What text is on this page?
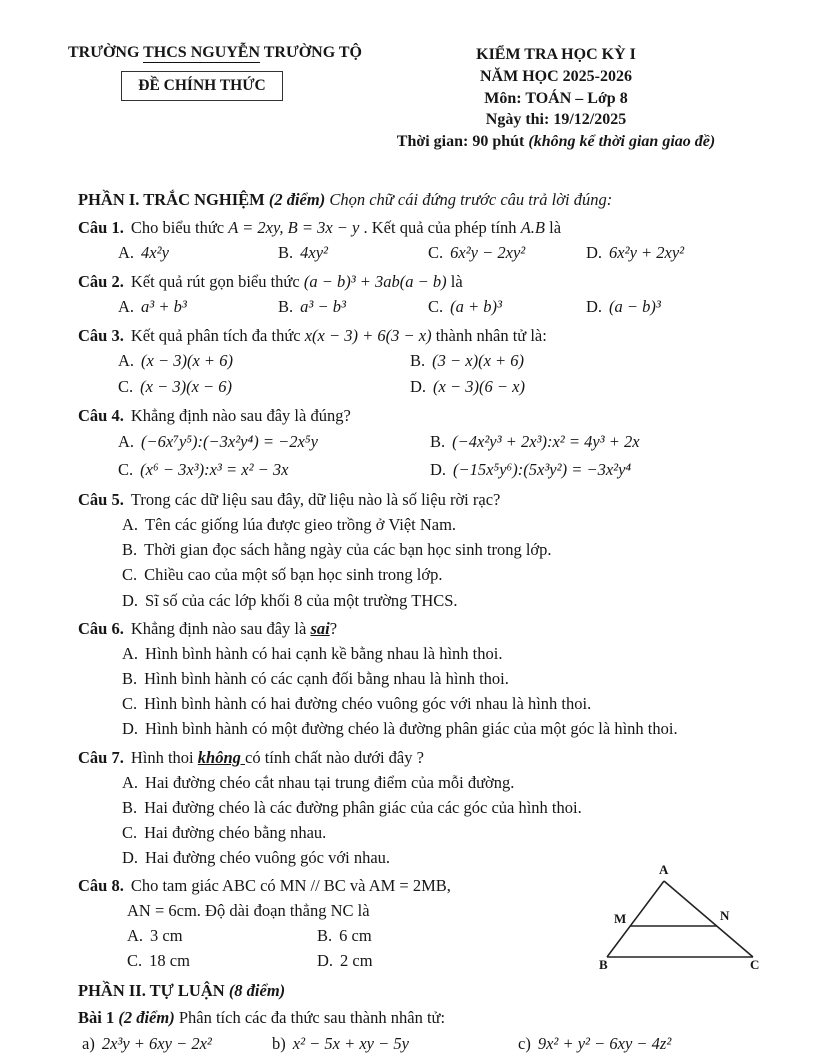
TRƯỜNG THCS NGUYỄN TRƯỜNG TỘ
ĐỀ CHÍNH THỨC
KIỂM TRA HỌC KỲ I
NĂM HỌC 2025-2026
Môn: TOÁN – Lớp 8
Ngày thi: 19/12/2025
Thời gian: 90 phút (không kể thời gian giao đề)

PHẦN I. TRẮC NGHIỆM (2 điểm) Chọn chữ cái đứng trước câu trả lời đúng:

Câu 1. Cho biểu thức A = 2xy, B = 3x − y . Kết quả của phép tính A.B là

A. 4x²y	B. 4xy²	C. 6x²y − 2xy²	D. 6x²y + 2xy²

Câu 2. Kết quả rút gọn biểu thức (a − b)³ + 3ab(a − b) là

A. a³ + b³	B. a³ − b³	C. (a + b)³	D. (a − b)³

Câu 3. Kết quả phân tích đa thức x(x − 3) + 6(3 − x) thành nhân tử là:

A. (x − 3)(x + 6)	B. (3 − x)(x + 6)
C. (x − 3)(x − 6)	D. (x − 3)(6 − x)

Câu 4. Khẳng định nào sau đây là đúng?

A. (−6x⁷y⁵):(−3x²y⁴) = −2x⁵y	B. (−4x²y³ + 2x³):x² = 4y³ + 2x
C. (x⁶ − 3x³):x³ = x² − 3x	D. (−15x⁵y⁶):(5x³y²) = −3x²y⁴

Câu 5. Trong các dữ liệu sau đây, dữ liệu nào là số liệu rời rạc?

A. Tên các giống lúa được gieo trồng ở Việt Nam.
B. Thời gian đọc sách hằng ngày của các bạn học sinh trong lớp.
C. Chiều cao của một số bạn học sinh trong lớp.
D. Sĩ số của các lớp khối 8 của một trường THCS.

Câu 6. Khẳng định nào sau đây là sai?

A. Hình bình hành có hai cạnh kề bằng nhau là hình thoi.
B. Hình bình hành có các cạnh đối bằng nhau là hình thoi.
C. Hình bình hành có hai đường chéo vuông góc với nhau là hình thoi.
D. Hình bình hành có một đường chéo là đường phân giác của một góc là hình thoi.

Câu 7. Hình thoi không có tính chất nào dưới đây ?

A. Hai đường chéo cắt nhau tại trung điểm của mỗi đường.
B. Hai đường chéo là các đường phân giác của các góc của hình thoi.
C. Hai đường chéo bằng nhau.
D. Hai đường chéo vuông góc với nhau.

Câu 8. Cho tam giác ABC có MN // BC và AM = 2MB,

AN = 6cm. Độ dài đoạn thẳng NC là

A. 3 cm	B. 6 cm
C. 18 cm	D. 2 cm
A
B	C
M	N

PHẦN II. TỰ LUẬN (8 điểm)

Bài 1 (2 điểm) Phân tích các đa thức sau thành nhân tử:

a) 2x³y + 6xy − 2x²	b) x² − 5x + xy − 5y	c) 9x² + y² − 6xy − 4z²
